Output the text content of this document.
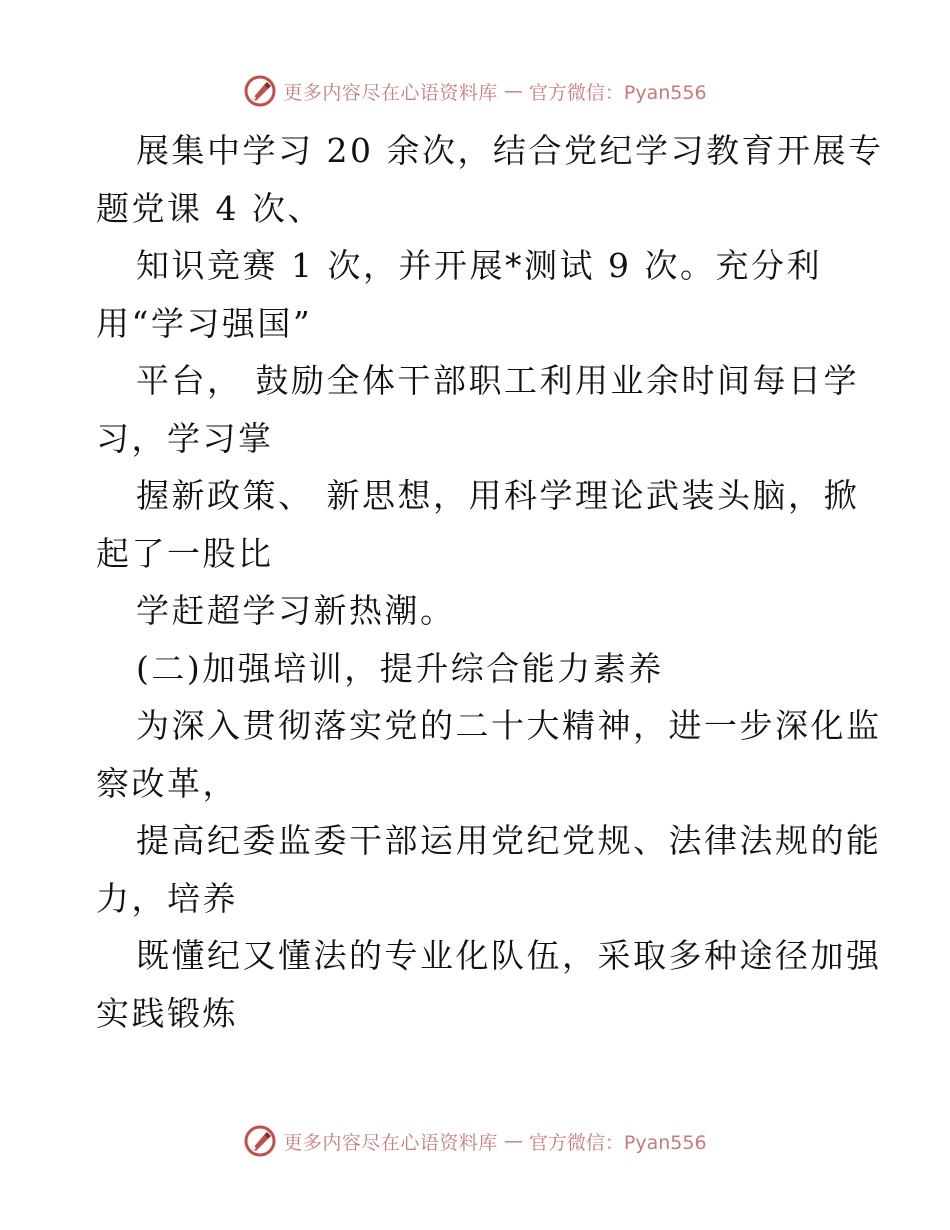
更多内容尽在心语资料库 — 官方微信：Pyan556
展集中学习 20 余次，结合党纪学习教育开展专
题党课 4 次、
知识竞赛 1 次，并开展*测试 9 次。充分利
用“学习强国”
平台， 鼓励全体干部职工利用业余时间每日学
习，学习掌
握新政策、 新思想，用科学理论武装头脑，掀
起了一股比
学赶超学习新热潮。
(二)加强培训，提升综合能力素养
为深入贯彻落实党的二十大精神，进一步深化监
察改革，
提高纪委监委干部运用党纪党规、法律法规的能
力，培养
既懂纪又懂法的专业化队伍，采取多种途径加强
实践锻炼
更多内容尽在心语资料库 — 官方微信：Pyan556
